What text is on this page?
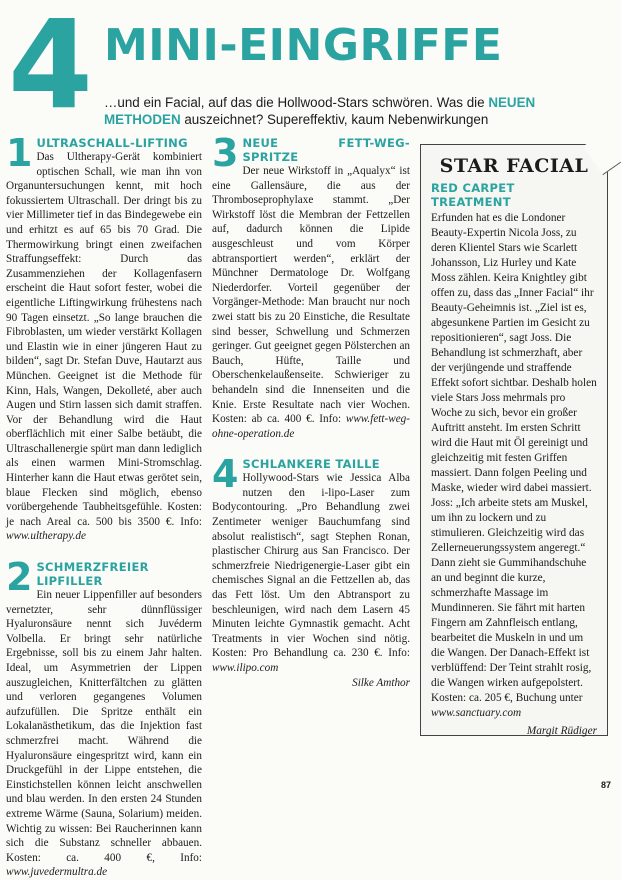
4 MINI-EINGRIFFE

…und ein Facial, auf das die Hollwood-Stars schwören. Was die NEUEN METHODEN auszeichnet? Supereffektiv, kaum Nebenwirkungen

1 ULTRASCHALL-LIFTING

Das Ultherapy-Gerät kombiniert optischen Schall, wie man ihn von Organuntersuchungen kennt, mit hoch fokussiertem Ultraschall. Der dringt bis zu vier Millimeter tief in das Bindegewebe ein und erhitzt es auf 65 bis 70 Grad. Die Thermowirkung bringt einen zweifachen Straffungseffekt: Durch das Zusammenziehen der Kollagenfasern erscheint die Haut sofort fester, wobei die eigentliche Liftingwirkung frühestens nach 90 Tagen einsetzt. „So lange brauchen die Fibroblasten, um wieder verstärkt Kollagen und Elastin wie in einer jüngeren Haut zu bilden“, sagt Dr. Stefan Duve, Hautarzt aus München. Geeignet ist die Methode für Kinn, Hals, Wangen, Dekolleté, aber auch Augen und Stirn lassen sich damit straffen. Vor der Behandlung wird die Haut oberflächlich mit einer Salbe betäubt, die Ultraschallenergie spürt man dann lediglich als einen warmen Mini-Stromschlag. Hinterher kann die Haut etwas gerötet sein, blaue Flecken sind möglich, ebenso vorübergehende Taubheitsgefühle. Kosten: je nach Areal ca. 500 bis 3500 €. Info: www.ultherapy.de

2 SCHMERZFREIER LIPFILLER

Ein neuer Lippenfiller auf besonders vernetzter, sehr dünnflüssiger Hyaluronsäure nennt sich Juvéderm Volbella. Er bringt sehr natürliche Ergebnisse, soll bis zu einem Jahr halten. Ideal, um Asymmetrien der Lippen auszugleichen, Knitterfältchen zu glätten und verloren gegangenes Volumen aufzufüllen. Die Spritze enthält ein Lokalanästhetikum, das die Injektion fast schmerzfrei macht. Während die Hyaluronsäure eingespritzt wird, kann ein Druckgefühl in der Lippe entstehen, die Einstichstellen können leicht anschwellen und blau werden. In den ersten 24 Stunden extreme Wärme (Sauna, Solarium) meiden. Wichtig zu wissen: Bei Raucherinnen kann sich die Substanz schneller abbauen. Kosten: ca. 400 €, Info: www.juvedermultra.de

3 NEUE FETT-WEG-SPRITZE

Der neue Wirkstoff in „Aqualyx“ ist eine Gallensäure, die aus der Thromboseprophylaxe stammt. „Der Wirkstoff löst die Membran der Fettzellen auf, dadurch können die Lipide ausgeschleust und vom Körper abtransportiert werden“, erklärt der Münchner Dermatologe Dr. Wolfgang Niederdorfer. Vorteil gegenüber der Vorgänger-Methode: Man braucht nur noch zwei statt bis zu 20 Einstiche, die Resultate sind besser, Schwellung und Schmerzen geringer. Gut geeignet gegen Pölsterchen an Bauch, Hüfte, Taille und Oberschenkelaußenseite. Schwieriger zu behandeln sind die Innenseiten und die Knie. Erste Resultate nach vier Wochen. Kosten: ab ca. 400 €. Info: www.fett-weg-ohne-operation.de

4 SCHLANKERE TAILLE

Hollywood-Stars wie Jessica Alba nutzen den i-lipo-Laser zum Bodycontouring. „Pro Behandlung zwei Zentimeter weniger Bauchumfang sind absolut realistisch“, sagt Stephen Ronan, plastischer Chirurg aus San Francisco. Der schmerzfreie Niedrigenergie-Laser gibt ein chemisches Signal an die Fettzellen ab, das das Fett löst. Um den Abtransport zu beschleunigen, wird nach dem Lasern 45 Minuten leichte Gymnastik gemacht. Acht Treatments in vier Wochen sind nötig. Kosten: Pro Behandlung ca. 230 €. Info: www.ilipo.com

Silke Amthor

STAR FACIAL

RED CARPET TREATMENT

Erfunden hat es die Londoner Beauty-Expertin Nicola Joss, zu deren Klientel Stars wie Scarlett Johansson, Liz Hurley und Kate Moss zählen. Keira Knightley gibt offen zu, dass das „Inner Facial“ ihr Beauty-Geheimnis ist. „Ziel ist es, abgesunkene Partien im Gesicht zu repositionieren“, sagt Joss. Die Behandlung ist schmerzhaft, aber der verjüngende und straffende Effekt sofort sichtbar. Deshalb holen viele Stars Joss mehrmals pro Woche zu sich, bevor ein großer Auftritt ansteht. Im ersten Schritt wird die Haut mit Öl gereinigt und gleichzeitig mit festen Griffen massiert. Dann folgen Peeling und Maske, wieder wird dabei massiert. Joss: „Ich arbeite stets am Muskel, um ihn zu lockern und zu stimulieren. Gleichzeitig wird das Zellerneuerungssystem angeregt.“ Dann zieht sie Gummihandschuhe an und beginnt die kurze, schmerzhafte Massage im Mundinneren. Sie fährt mit harten Fingern am Zahnfleisch entlang, bearbeitet die Muskeln in und um die Wangen. Der Danach-Effekt ist verblüffend: Der Teint strahlt rosig, die Wangen wirken aufgepolstert. Kosten: ca. 205 €, Buchung unter www.sanctuary.com

Margit Rüdiger

87
